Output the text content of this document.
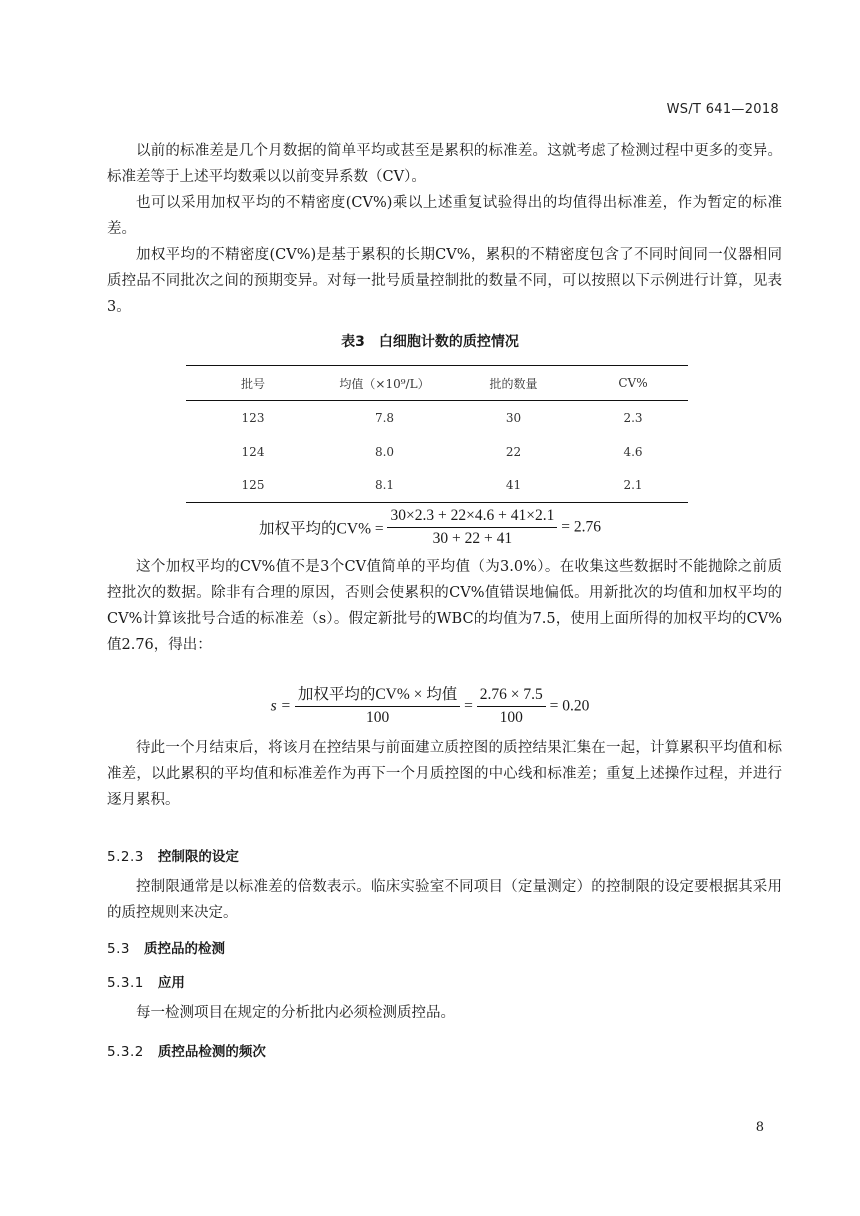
WS/T 641—2018

以前的标准差是几个月数据的简单平均或甚至是累积的标准差。这就考虑了检测过程中更多的变异。标准差等于上述平均数乘以以前变异系数（CV）。

也可以采用加权平均的不精密度(CV%)乘以上述重复试验得出的均值得出标准差，作为暂定的标准差。

加权平均的不精密度(CV%)是基于累积的长期CV%，累积的不精密度包含了不同时间同一仪器相同质控品不同批次之间的预期变异。对每一批号质量控制批的数量不同，可以按照以下示例进行计算，见表3。

表3　白细胞计数的质控情况
批号	均值（×10⁹/L）	批的数量	CV%
123	7.8	30	2.3
124	8.0	22	4.6
125	8.1	41	2.1
加权平均的$CV\% = \frac{30\times 2.3 + 22\times 4.6 + 41\times 2.1}{30 + 22 + 41} = 2.76$

这个加权平均的CV%值不是3个CV值简单的平均值（为3.0%）。在收集这些数据时不能抛除之前质控批次的数据。除非有合理的原因，否则会使累积的CV%值错误地偏低。用新批次的均值和加权平均的CV%计算该批号合适的标准差（s）。假定新批号的WBC的均值为7.5，使用上面所得的加权平均的CV%值2.76，得出：

$s = \frac{\text{加权平均的CV\% × 均值}}{100} = \frac{2.76 \times 7.5}{100} = 0.20$

待此一个月结束后，将该月在控结果与前面建立质控图的质控结果汇集在一起，计算累积平均值和标准差，以此累积的平均值和标准差作为再下一个月质控图的中心线和标准差；重复上述操作过程，并进行逐月累积。

5.2.3 控制限的设定

控制限通常是以标准差的倍数表示。临床实验室不同项目（定量测定）的控制限的设定要根据其采用的质控规则来决定。

5.3 质控品的检测
5.3.1 应用

每一检测项目在规定的分析批内必须检测质控品。

5.3.2 质控品检测的频次
8
